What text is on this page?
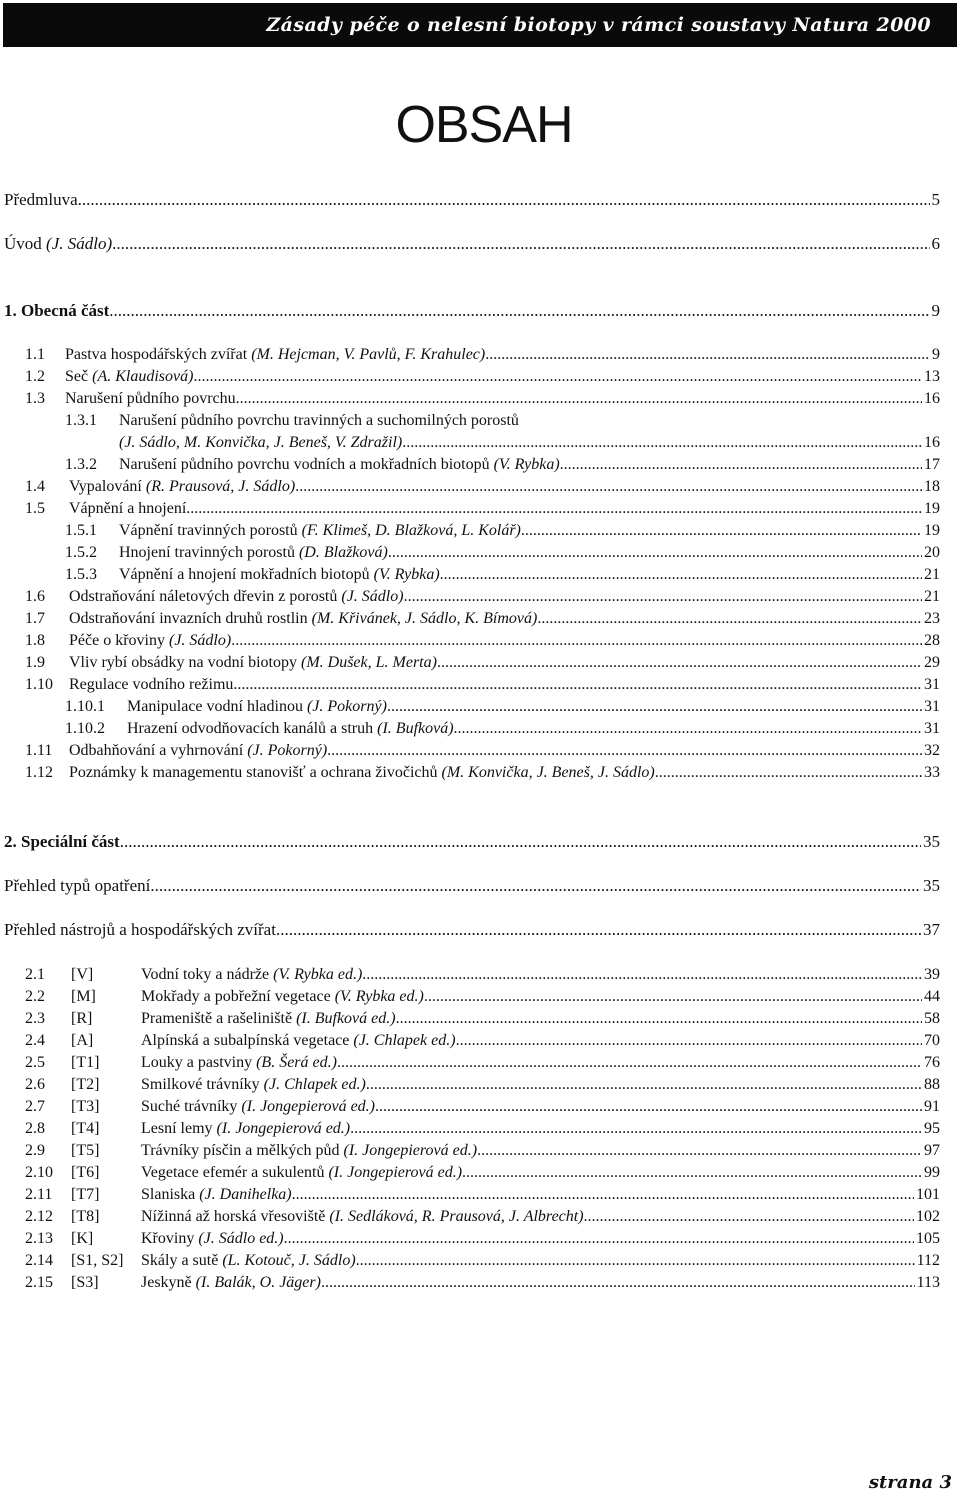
Zásady péče o nelesní biotopy v rámci soustavy Natura 2000
OBSAH
Předmluva .....	5
Úvod (J. Sádlo) .....	6
1. Obecná část .....	9
1.1	Pastva hospodářských zvířat (M. Hejcman, V. Pavlů, F. Krahulec) .....	9
1.2	Seč (A. Klaudisová) .....	13
1.3	Narušení půdního povrchu .....	16
1.3.1	Narušení půdního povrchu travinných a suchomilných porostů
(J. Sádlo, M. Konvička, J. Beneš, V. Zdražil) .....	16
1.3.2	Narušení půdního povrchu vodních a mokřadních biotopů (V. Rybka) .....	17
1.4	Vypalování (R. Prausová, J. Sádlo) .....	18
1.5	Vápnění a hnojení .....	19
1.5.1	Vápnění travinných porostů (F. Klimeš, D. Blažková, L. Kolář) .....	19
1.5.2	Hnojení travinných porostů (D. Blažková) .....	20
1.5.3	Vápnění a hnojení mokřadních biotopů (V. Rybka) .....	21
1.6	Odstraňování náletových dřevin z porostů (J. Sádlo) .....	21
1.7	Odstraňování invazních druhů rostlin (M. Křivánek, J. Sádlo, K. Bímová) .....	23
1.8	Péče o křoviny (J. Sádlo) .....	28
1.9	Vliv rybí obsádky na vodní biotopy (M. Dušek, L. Merta) .....	29
1.10	Regulace vodního režimu .....	31
1.10.1	Manipulace vodní hladinou (J. Pokorný) .....	31
1.10.2	Hrazení odvodňovacích kanálů a struh (I. Bufková) .....	31
1.11	Odbahňování a vyhrnování (J. Pokorný) .....	32
1.12	Poznámky k managementu stanovišť a ochrana živočichů (M. Konvička, J. Beneš, J. Sádlo) .....	33
2. Speciální část .....	35
Přehled typů opatření .....	35
Přehled nástrojů a hospodářských zvířat .....	37
2.1	[V]	Vodní toky a nádrže (V. Rybka ed.) .....	39
2.2	[M]	Mokřady a pobřežní vegetace (V. Rybka ed.) .....	44
2.3	[R]	Prameniště a rašeliniště (I. Bufková ed.) .....	58
2.4	[A]	Alpínská a subalpínská vegetace (J. Chlapek ed.) .....	70
2.5	[T1]	Louky a pastviny (B. Šerá ed.) .....	76
2.6	[T2]	Smilkové trávníky (J. Chlapek ed.) .....	88
2.7	[T3]	Suché trávníky (I. Jongepierová ed.) .....	91
2.8	[T4]	Lesní lemy (I. Jongepierová ed.) .....	95
2.9	[T5]	Trávníky písčin a mělkých půd (I. Jongepierová ed.) .....	97
2.10	[T6]	Vegetace efemér a sukulentů (I. Jongepierová ed.) .....	99
2.11	[T7]	Slaniska (J. Danihelka) .....	101
2.12	[T8]	Nížinná až horská vřesoviště (I. Sedláková, R. Prausová, J. Albrecht) .....	102
2.13	[K]	Křoviny (J. Sádlo ed.) .....	105
2.14	[S1, S2]	Skály a sutě (L. Kotouč, J. Sádlo) .....	112
2.15	[S3]	Jeskyně (I. Balák, O. Jäger) .....	113
strana 3
